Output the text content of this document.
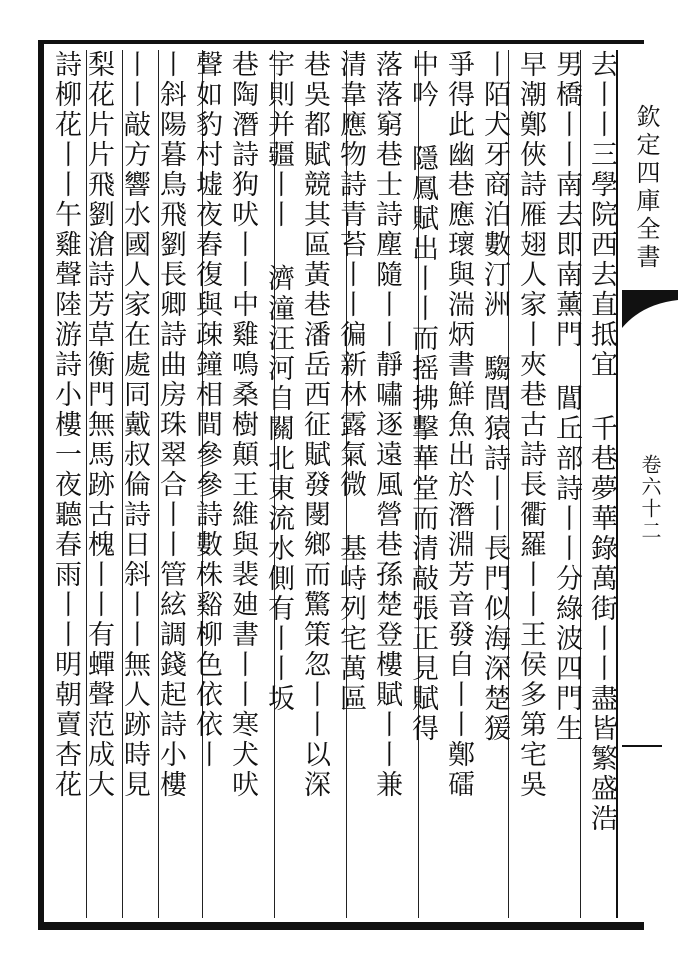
去丨丨三學院西去直抵宜 千巷夢華錄萬街丨丨盡皆繁盛浩
男橋丨丨南去即南薰門 閶丘部詩丨丨分綠波四門生
早潮鄭俠詩雁翅人家丨夾巷古詩長衢羅丨丨王侯多第宅吳
丨陌犬牙商泊數汀洲 騶閭猿詩丨丨長門似海深楚猨
爭得此幽巷應瓌與湍炳書鮮魚出於潛淵芳音發自丨丨鄭礌
中吟 隱鳳賦出丨丨而摇拂擊華堂而清敲張正見賦得
落落窮巷士詩塵隨丨丨靜嘯逐遠風營巷孫楚登樓賦丨丨兼
清韋應物詩青苔丨丨徧新林露氣微 基峙列宅萬區
巷吳都賦競其區黃巷潘岳西征賦發閿鄉而驚策忽丨丨以深
宇則并疆丨丨 濟潼汪河自關北東流水側有丨丨坂
巷陶潛詩狗吠丨丨中雞鳴桑樹顛王維與裴廸書丨丨寒犬吠
聲如豹村墟夜舂復與疎鐘相間參參詩數株谿柳色依依丨
丨斜陽暮鳥飛劉長卿詩曲房珠翠合丨丨管絃調錢起詩小樓
丨丨敲方響水國人家在處同戴叔倫詩日斜丨丨無人跡時見
梨花片片飛劉滄詩芳草衡門無馬跡古槐丨丨有蟬聲范成大
詩柳花丨丨午雞聲陸游詩小樓一夜聽春雨丨丨明朝賣杏花	欽定四庫全書
卷六十二
